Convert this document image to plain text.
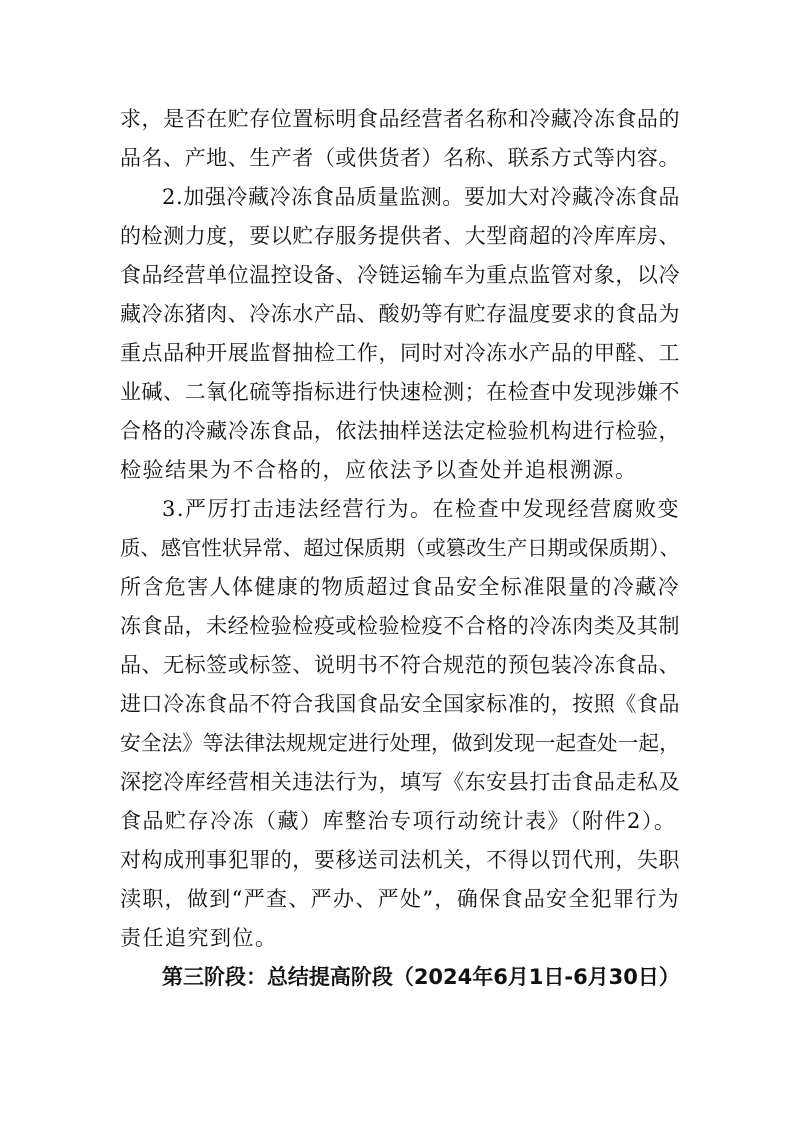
求，是否在贮存位置标明食品经营者名称和冷藏冷冻食品的
品名、产地、生产者（或供货者）名称、联系方式等内容。
2.加强冷藏冷冻食品质量监测。要加大对冷藏冷冻食品
的检测力度，要以贮存服务提供者、大型商超的冷库库房、
食品经营单位温控设备、冷链运输车为重点监管对象，以冷
藏冷冻猪肉、冷冻水产品、酸奶等有贮存温度要求的食品为
重点品种开展监督抽检工作，同时对冷冻水产品的甲醛、工
业碱、二氧化硫等指标进行快速检测；在检查中发现涉嫌不
合格的冷藏冷冻食品，依法抽样送法定检验机构进行检验，
检验结果为不合格的，应依法予以查处并追根溯源。
3.严厉打击违法经营行为。在检查中发现经营腐败变
质、感官性状异常、超过保质期（或篡改生产日期或保质期）、
所含危害人体健康的物质超过食品安全标准限量的冷藏冷
冻食品，未经检验检疫或检验检疫不合格的冷冻肉类及其制
品、无标签或标签、说明书不符合规范的预包装冷冻食品、
进口冷冻食品不符合我国食品安全国家标准的，按照《食品
安全法》等法律法规规定进行处理，做到发现一起查处一起，
深挖冷库经营相关违法行为，填写《东安县打击食品走私及
食品贮存冷冻（藏）库整治专项行动统计表》（附件2）。
对构成刑事犯罪的，要移送司法机关，不得以罚代刑，失职
渎职，做到“严查、严办、严处”，确保食品安全犯罪行为
责任追究到位。
第三阶段：总结提高阶段（2024年6月1日-6月30日）
